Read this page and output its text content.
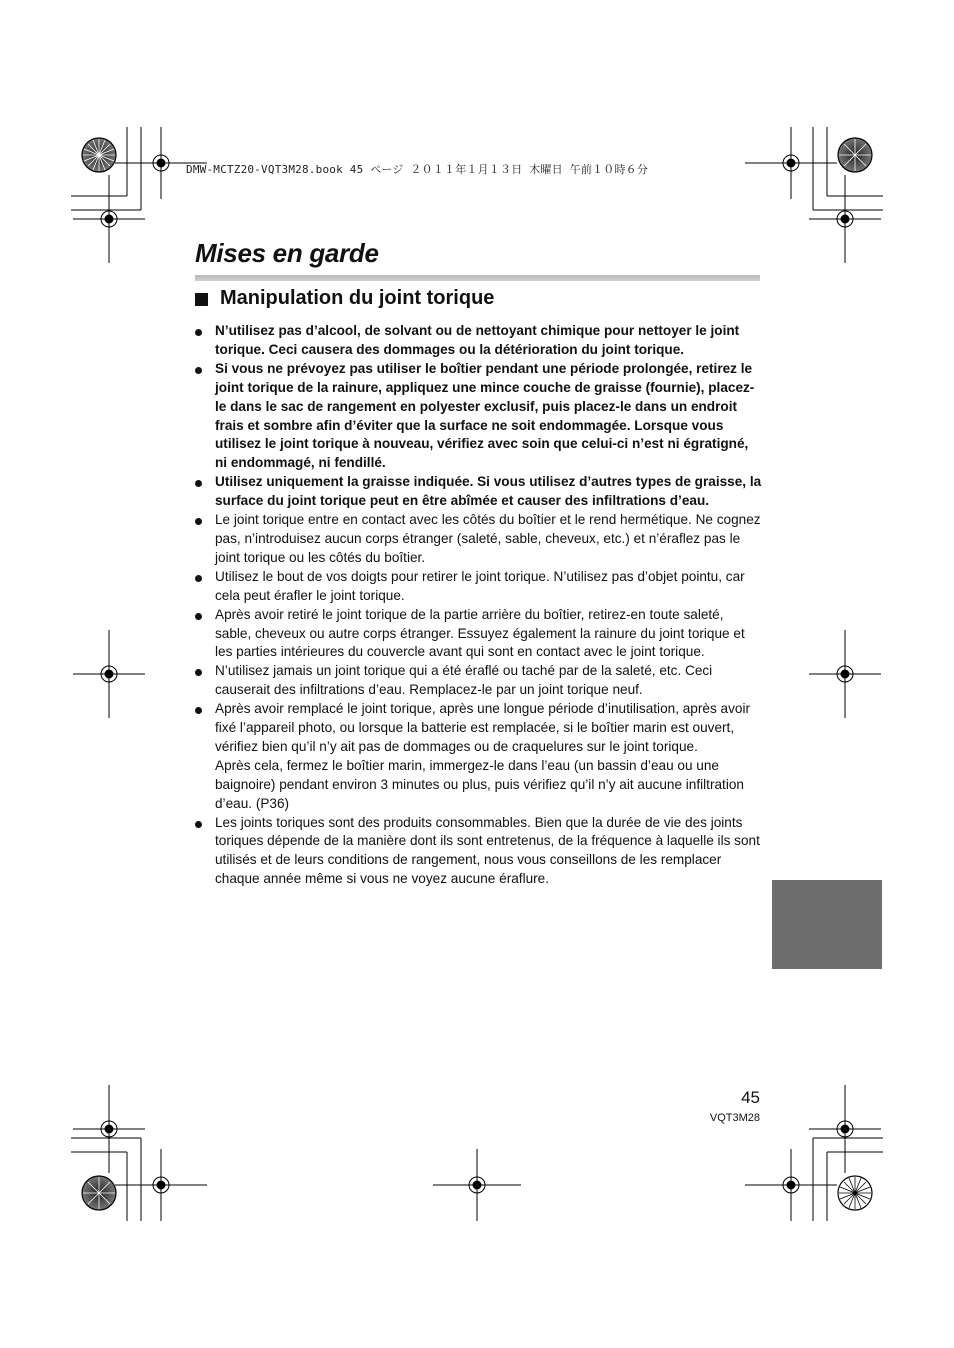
DMW-MCTZ20-VQT3M28.book 45 ページ ２０１１年１月１３日 木曜日 午前１０時６分
Mises en garde
Manipulation du joint torique

N’utilisez pas d’alcool, de solvant ou de nettoyant chimique pour nettoyer le joint torique. Ceci causera des dommages ou la détérioration du joint torique.

Si vous ne prévoyez pas utiliser le boîtier pendant une période prolongée, retirez le joint torique de la rainure, appliquez une mince couche de graisse (fournie), placez-le dans le sac de rangement en polyester exclusif, puis placez-le dans un endroit frais et sombre afin d’éviter que la surface ne soit endommagée. Lorsque vous utilisez le joint torique à nouveau, vérifiez avec soin que celui-ci n’est ni égratigné, ni endommagé, ni fendillé.

Utilisez uniquement la graisse indiquée. Si vous utilisez d’autres types de graisse, la surface du joint torique peut en être abîmée et causer des infiltrations d’eau.

Le joint torique entre en contact avec les côtés du boîtier et le rend hermétique. Ne cognez pas, n’introduisez aucun corps étranger (saleté, sable, cheveux, etc.) et n’éraflez pas le joint torique ou les côtés du boîtier.

Utilisez le bout de vos doigts pour retirer le joint torique. N’utilisez pas d’objet pointu, car cela peut érafler le joint torique.

Après avoir retiré le joint torique de la partie arrière du boîtier, retirez-en toute saleté, sable, cheveux ou autre corps étranger. Essuyez également la rainure du joint torique et les parties intérieures du couvercle avant qui sont en contact avec le joint torique.

N’utilisez jamais un joint torique qui a été éraflé ou taché par de la saleté, etc. Ceci causerait des infiltrations d’eau. Remplacez-le par un joint torique neuf.

Après avoir remplacé le joint torique, après une longue période d’inutilisation, après avoir fixé l’appareil photo, ou lorsque la batterie est remplacée, si le boîtier marin est ouvert, vérifiez bien qu’il n’y ait pas de dommages ou de craquelures sur le joint torique.

Après cela, fermez le boîtier marin, immergez-le dans l’eau (un bassin d’eau ou une baignoire) pendant environ 3 minutes ou plus, puis vérifiez qu’il n’y ait aucune infiltration d’eau. (P36)

Les joints toriques sont des produits consommables. Bien que la durée de vie des joints toriques dépende de la manière dont ils sont entretenus, de la fréquence à laquelle ils sont utilisés et de leurs conditions de rangement, nous vous conseillons de les remplacer chaque année même si vous ne voyez aucune éraflure.

45
VQT3M28
